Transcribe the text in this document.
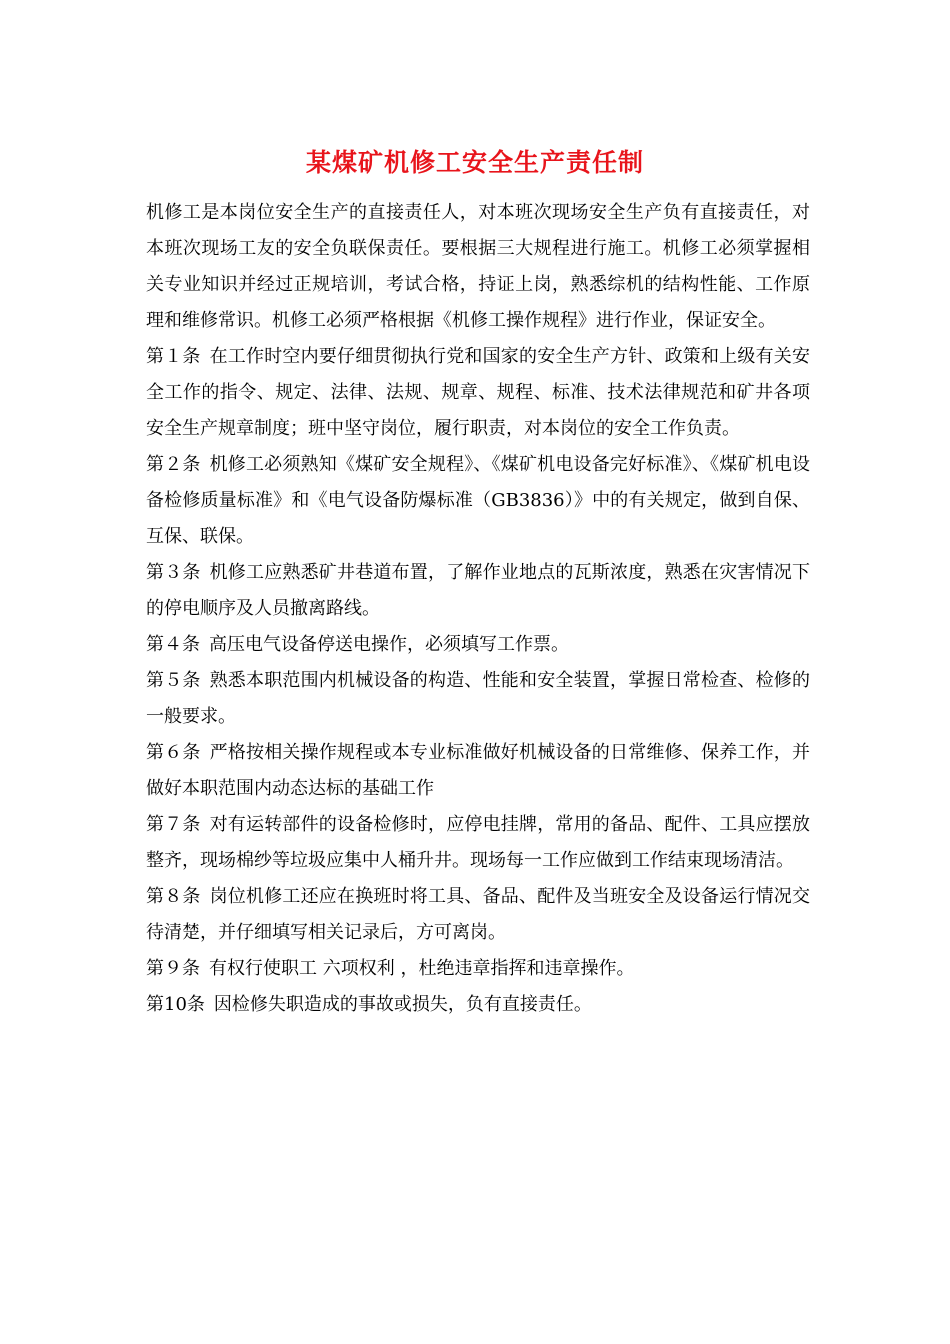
某煤矿机修工安全生产责任制

机修工是本岗位安全生产的直接责任人，对本班次现场安全生产负有直接责任，对本班次现场工友的安全负联保责任。要根据三大规程进行施工。机修工必须掌握相关专业知识并经过正规培训，考试合格，持证上岗，熟悉综机的结构性能、工作原理和维修常识。机修工必须严格根据《机修工操作规程》进行作业，保证安全。

第１条 在工作时空内要仔细贯彻执行党和国家的安全生产方针、政策和上级有关安全工作的指令、规定、法律、法规、规章、规程、标准、技术法律规范和矿井各项安全生产规章制度；班中坚守岗位，履行职责，对本岗位的安全工作负责。

第２条 机修工必须熟知《煤矿安全规程》、《煤矿机电设备完好标准》、《煤矿机电设备检修质量标准》和《电气设备防爆标准（GB3836）》中的有关规定，做到自保、互保、联保。

第３条 机修工应熟悉矿井巷道布置，了解作业地点的瓦斯浓度，熟悉在灾害情况下的停电顺序及人员撤离路线。

第４条 高压电气设备停送电操作，必须填写工作票。

第５条 熟悉本职范围内机械设备的构造、性能和安全装置，掌握日常检查、检修的一般要求。

第６条 严格按相关操作规程或本专业标准做好机械设备的日常维修、保养工作，并做好本职范围内动态达标的基础工作

第７条 对有运转部件的设备检修时，应停电挂牌，常用的备品、配件、工具应摆放整齐，现场棉纱等垃圾应集中人桶升井。现场每一工作应做到工作结束现场清洁。

第８条 岗位机修工还应在换班时将工具、备品、配件及当班安全及设备运行情况交待清楚，并仔细填写相关记录后，方可离岗。

第９条 有权行使职工 六项权利 ，杜绝违章指挥和违章操作。

第10条 因检修失职造成的事故或损失，负有直接责任。
